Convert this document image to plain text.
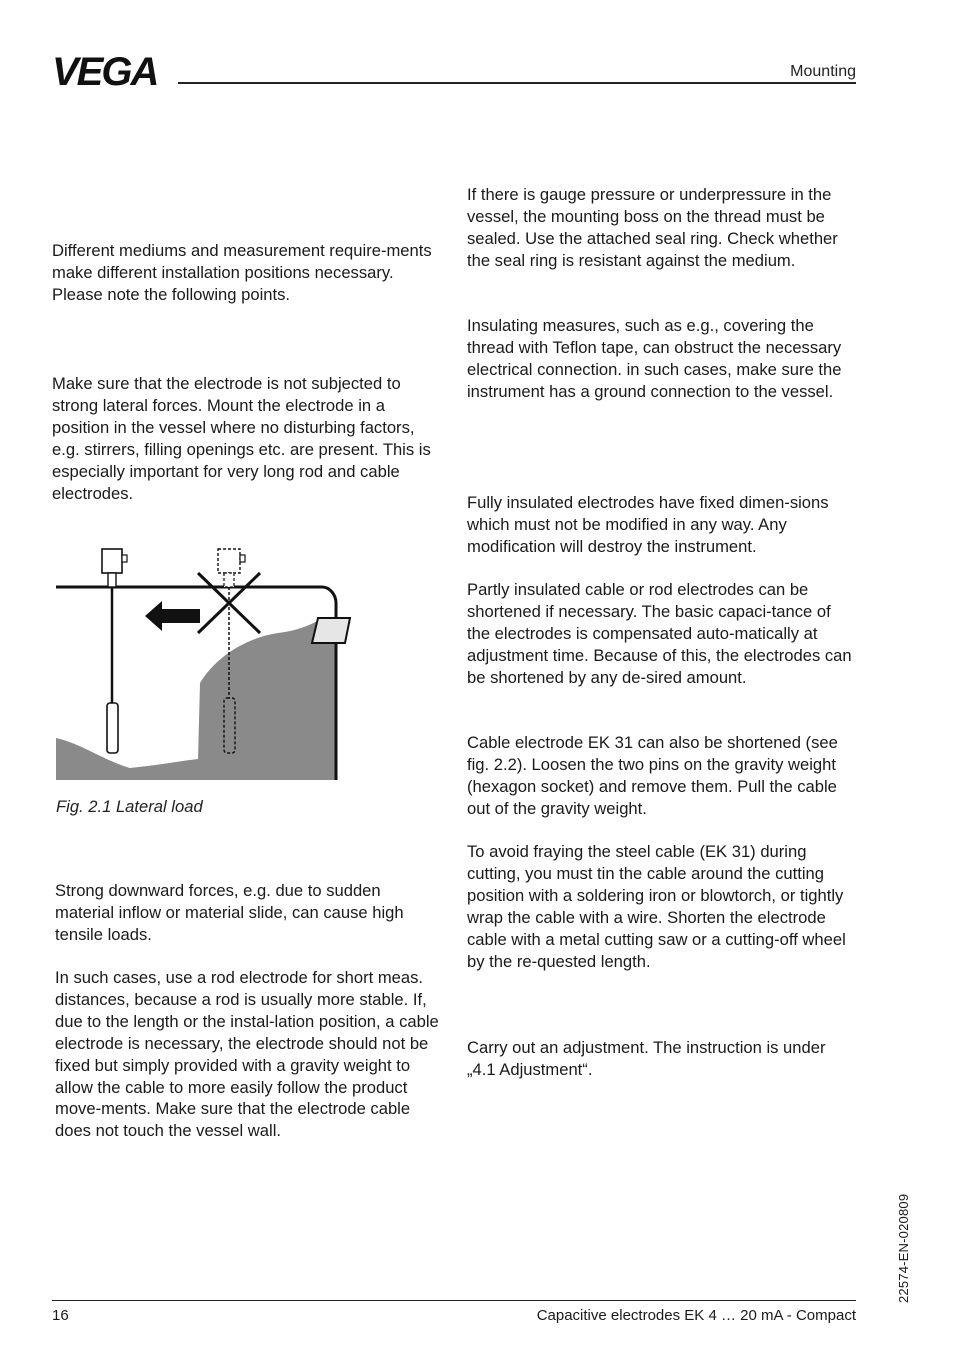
VEGA	Mounting

Different mediums and measurement require-ments make different installation positions necessary. Please note the following points.

Make sure that the electrode is not subjected to strong lateral forces. Mount the electrode in a position in the vessel where no disturbing factors, e.g. stirrers, filling openings etc. are present. This is especially important for very long rod and cable electrodes.

Fig. 2.1 Lateral load

Strong downward forces, e.g. due to sudden material inflow or material slide, can cause high tensile loads.

In such cases, use a rod electrode for short meas. distances, because a rod is usually more stable. If, due to the length or the instal-lation position, a cable electrode is necessary, the electrode should not be fixed but simply provided with a gravity weight to allow the cable to more easily follow the product move-ments. Make sure that the electrode cable does not touch the vessel wall.

If there is gauge pressure or underpressure in the vessel, the mounting boss on the thread must be sealed. Use the attached seal ring. Check whether the seal ring is resistant against the medium.

Insulating measures, such as e.g., covering the thread with Teflon tape, can obstruct the necessary electrical connection. in such cases, make sure the instrument has a ground connection to the vessel.

Fully insulated electrodes have fixed dimen-sions which must not be modified in any way. Any modification will destroy the instrument.

Partly insulated cable or rod electrodes can be shortened if necessary. The basic capaci-tance of the electrodes is compensated auto-matically at adjustment time. Because of this, the electrodes can be shortened by any de-sired amount.

Cable electrode EK 31 can also be shortened (see fig. 2.2). Loosen the two pins on the gravity weight (hexagon socket) and remove them. Pull the cable out of the gravity weight.

To avoid fraying the steel cable (EK 31) during cutting, you must tin the cable around the cutting position with a soldering iron or blowtorch, or tightly wrap the cable with a wire. Shorten the electrode cable with a metal cutting saw or a cutting-off wheel by the re-quested length.

Carry out an adjustment. The instruction is under „4.1 Adjustment“.

22574-EN-020809
16	Capacitive electrodes EK 4 … 20 mA - Compact
